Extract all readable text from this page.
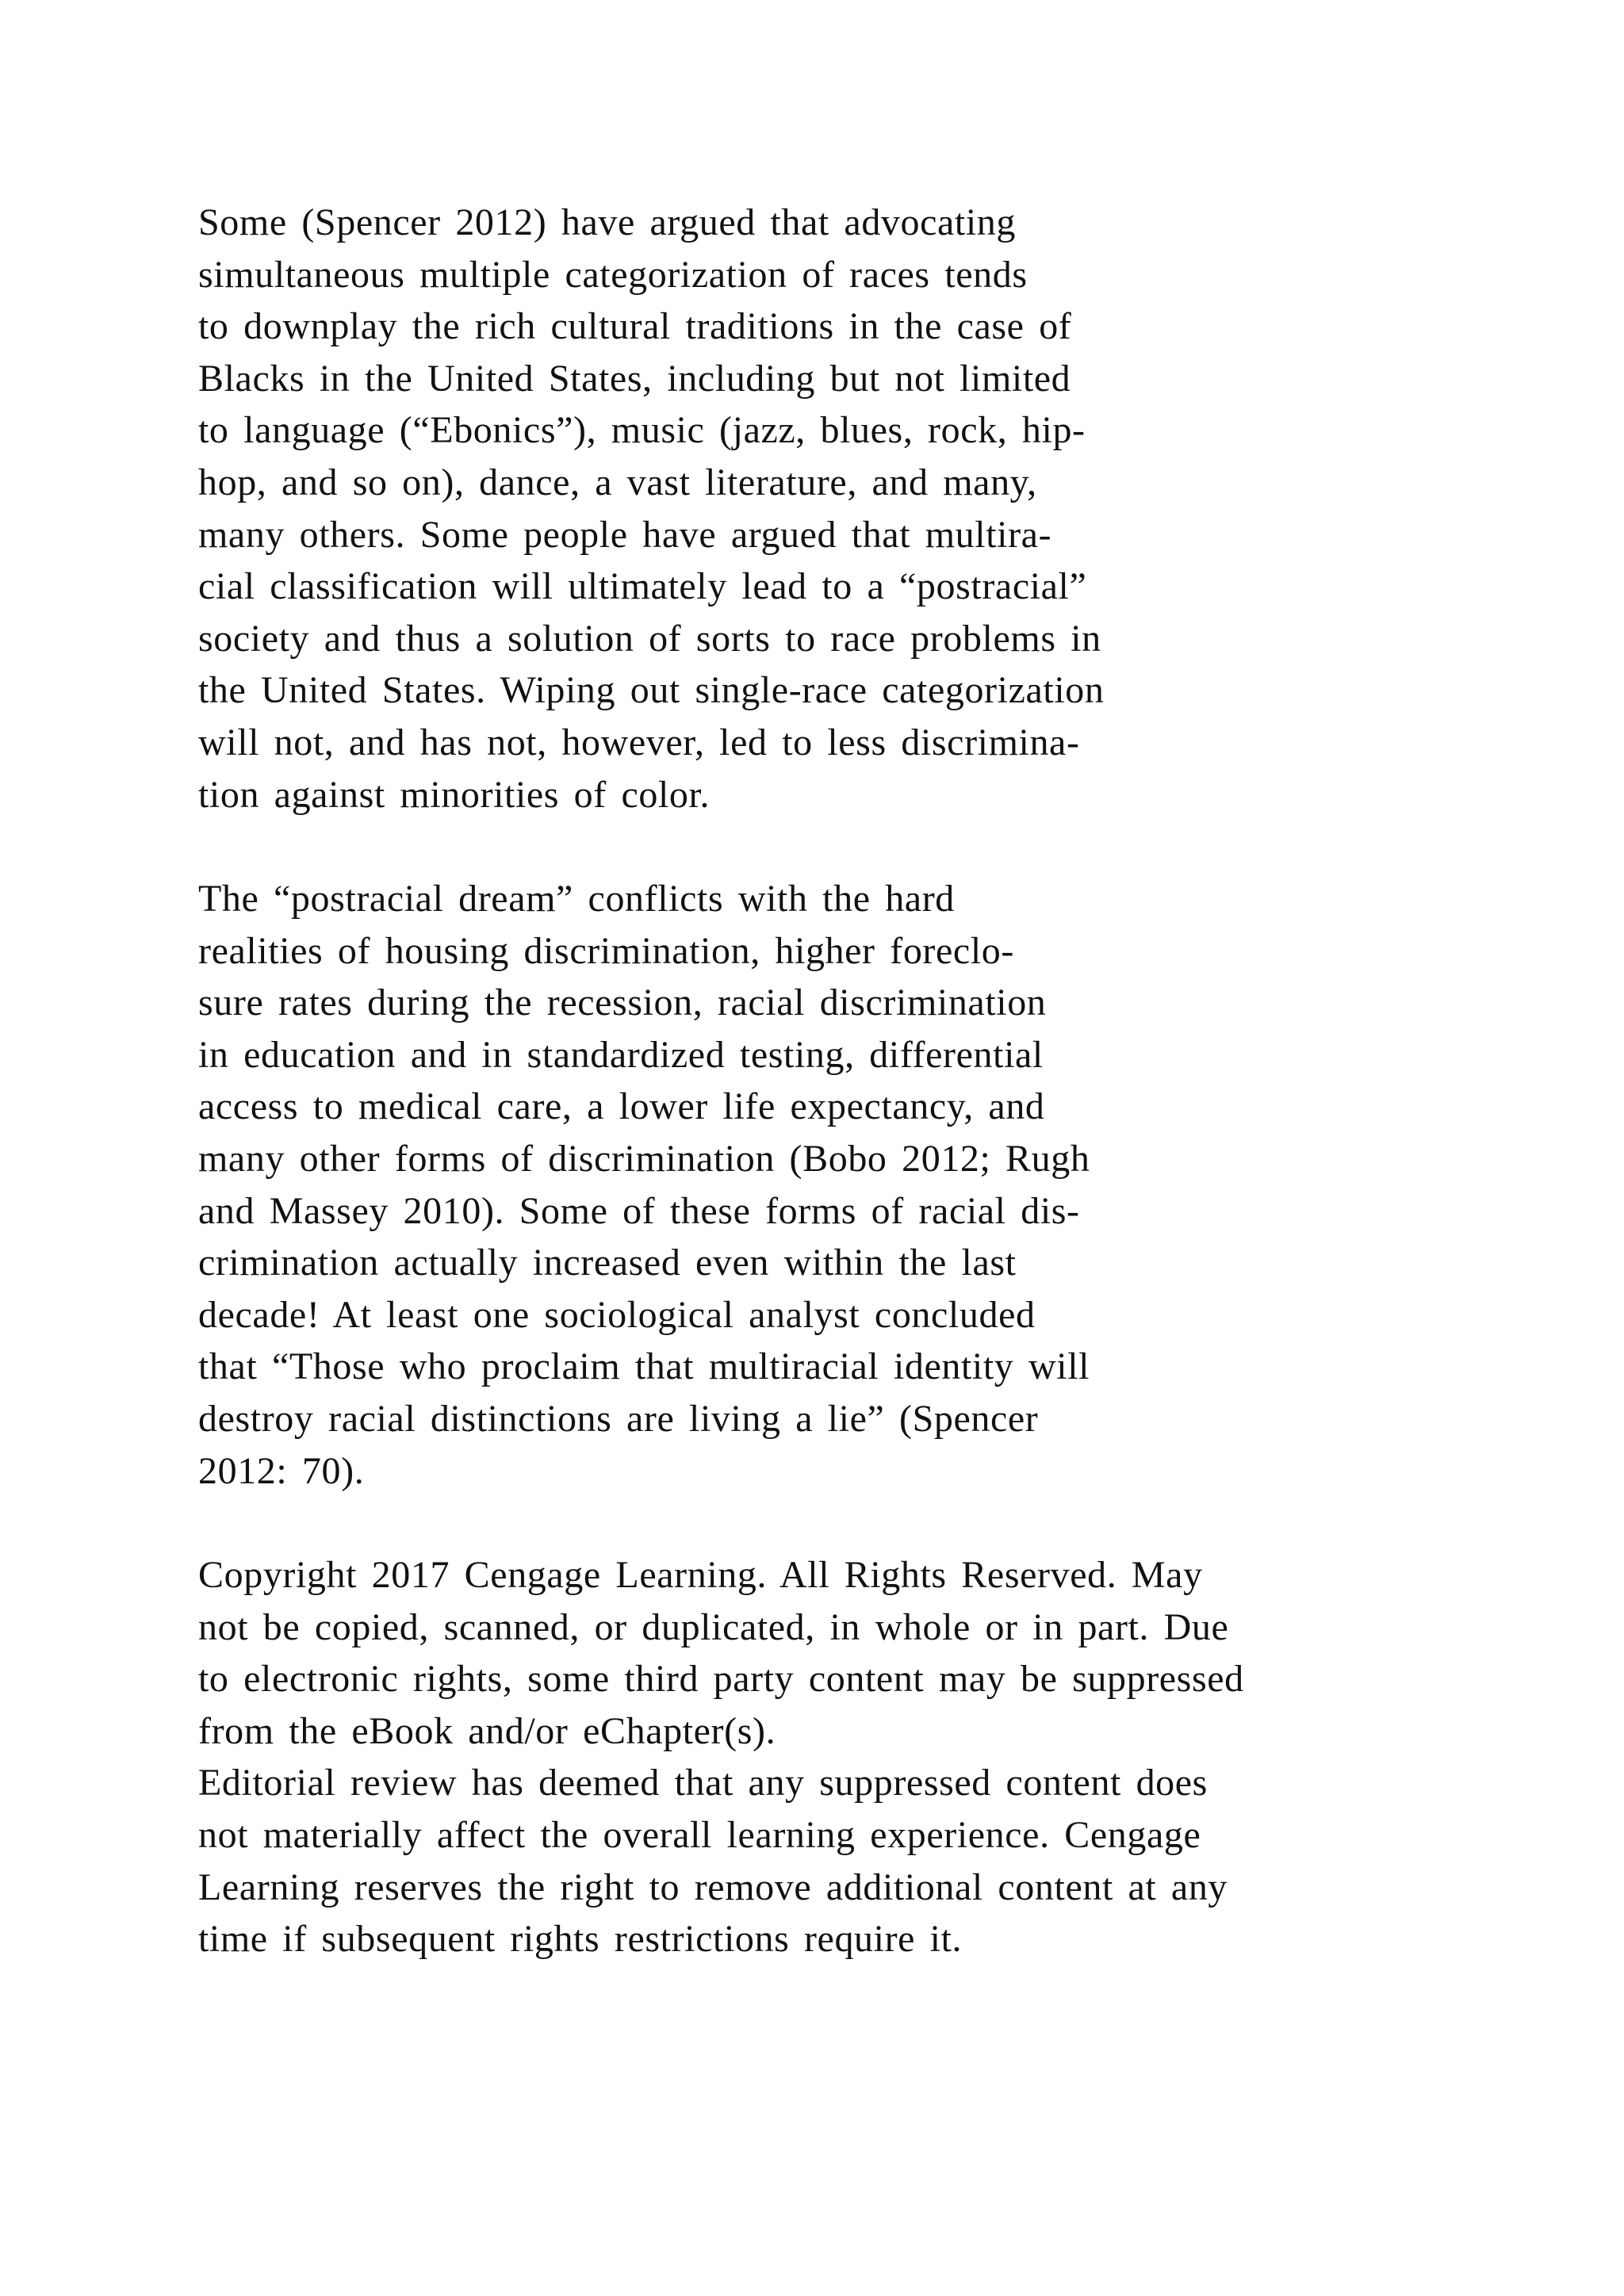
Some (Spencer 2012) have argued that advocating
simultaneous multiple categorization of races tends
to downplay the rich cultural traditions in the case of
Blacks in the United States, including but not limited
to language (“Ebonics”), music (jazz, blues, rock, hip-
hop, and so on), dance, a vast literature, and many,
many others. Some people have argued that multira-
cial classification will ultimately lead to a “postracial”
society and thus a solution of sorts to race problems in
the United States. Wiping out single-race categorization
will not, and has not, however, led to less discrimina-
tion against minorities of color.

The “postracial dream” conflicts with the hard
realities of housing discrimination, higher foreclo-
sure rates during the recession, racial discrimination
in education and in standardized testing, differential
access to medical care, a lower life expectancy, and
many other forms of discrimination (Bobo 2012; Rugh
and Massey 2010). Some of these forms of racial dis-
crimination actually increased even within the last
decade! At least one sociological analyst concluded
that “Those who proclaim that multiracial identity will
destroy racial distinctions are living a lie” (Spencer
2012: 70).

Copyright 2017 Cengage Learning. All Rights Reserved. May
not be copied, scanned, or duplicated, in whole or in part. Due
to electronic rights, some third party content may be suppressed
from the eBook and/or eChapter(s).
Editorial review has deemed that any suppressed content does
not materially affect the overall learning experience. Cengage
Learning reserves the right to remove additional content at any
time if subsequent rights restrictions require it.
